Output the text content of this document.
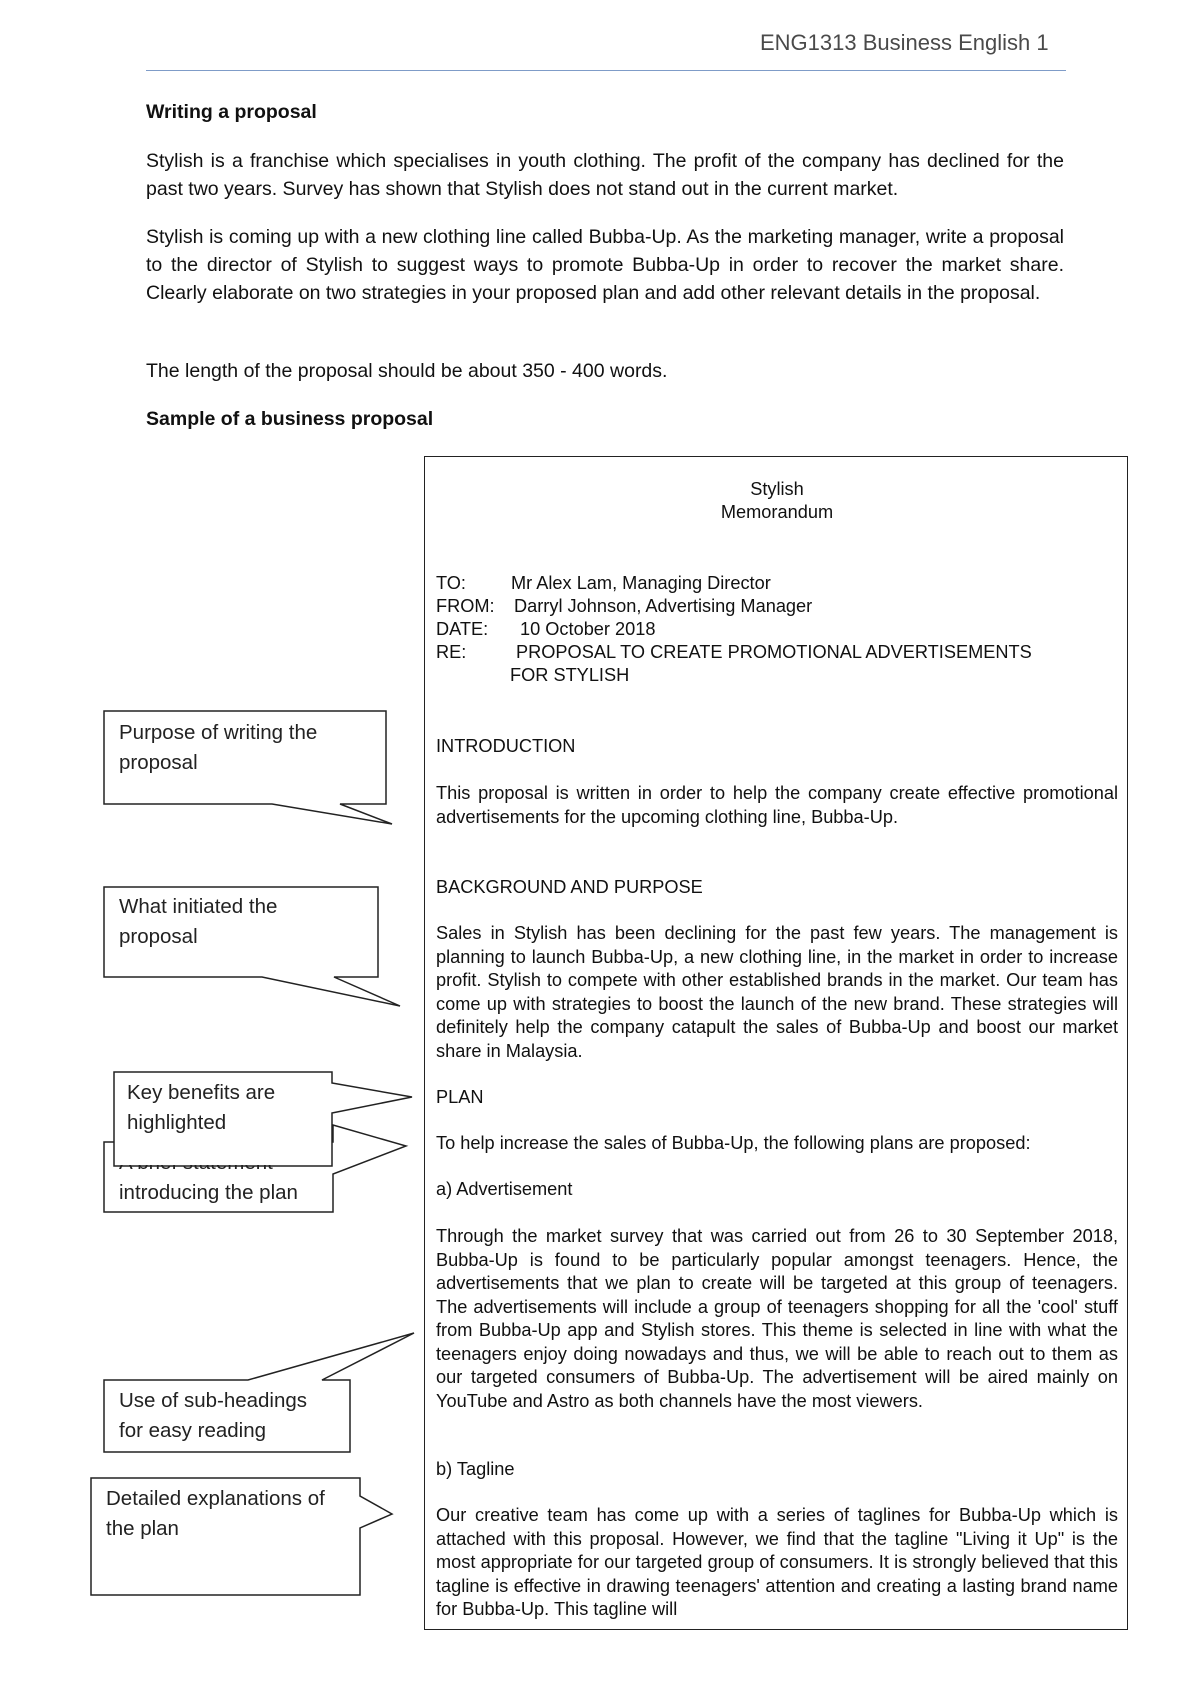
ENG1313 Business English 1
Writing a proposal

Stylish is a franchise which specialises in youth clothing. The profit of the company has declined for the past two years. Survey has shown that Stylish does not stand out in the current market.

Stylish is coming up with a new clothing line called Bubba-Up. As the marketing manager, write a proposal to the director of Stylish to suggest ways to promote Bubba-Up in order to recover the market share. Clearly elaborate on two strategies in your proposed plan and add other relevant details in the proposal.

The length of the proposal should be about 350 - 400 words.

Sample of a business proposal
Stylish
Memorandum
TO:	Mr Alex Lam, Managing Director
FROM:	Darryl Johnson, Advertising Manager
DATE:	10 October 2018
RE:	PROPOSAL TO CREATE PROMOTIONAL ADVERTISEMENTS
FOR STYLISH
INTRODUCTION

This proposal is written in order to help the company create effective promotional advertisements for the upcoming clothing line, Bubba-Up.

BACKGROUND AND PURPOSE

Sales in Stylish has been declining for the past few years. The management is planning to launch Bubba-Up, a new clothing line, in the market in order to increase profit. Stylish to compete with other established brands in the market. Our team has come up with strategies to boost the launch of the new brand. These strategies will definitely help the company catapult the sales of Bubba-Up and boost our market share in Malaysia.

PLAN

To help increase the sales of Bubba-Up, the following plans are proposed:

a) Advertisement

Through the market survey that was carried out from 26 to 30 September 2018, Bubba-Up is found to be particularly popular amongst teenagers. Hence, the advertisements that we plan to create will be targeted at this group of teenagers. The advertisements will include a group of teenagers shopping for all the 'cool' stuff from Bubba-Up app and Stylish stores. This theme is selected in line with what the teenagers enjoy doing nowadays and thus, we will be able to reach out to them as our targeted consumers of Bubba-Up. The advertisement will be aired mainly on YouTube and Astro as both channels have the most viewers.

b) Tagline

Our creative team has come up with a series of taglines for Bubba-Up which is attached with this proposal. However, we find that the tagline "Living it Up" is the most appropriate for our targeted group of consumers. It is strongly believed that this tagline is effective in drawing teenagers' attention and creating a lasting brand name for Bubba-Up. This tagline will

Purpose of writing the
proposal
What initiated the
proposal
introducing the plan
Key benefits are
highlighted
Use of sub-headings
for easy reading
Detailed explanations of
the plan
